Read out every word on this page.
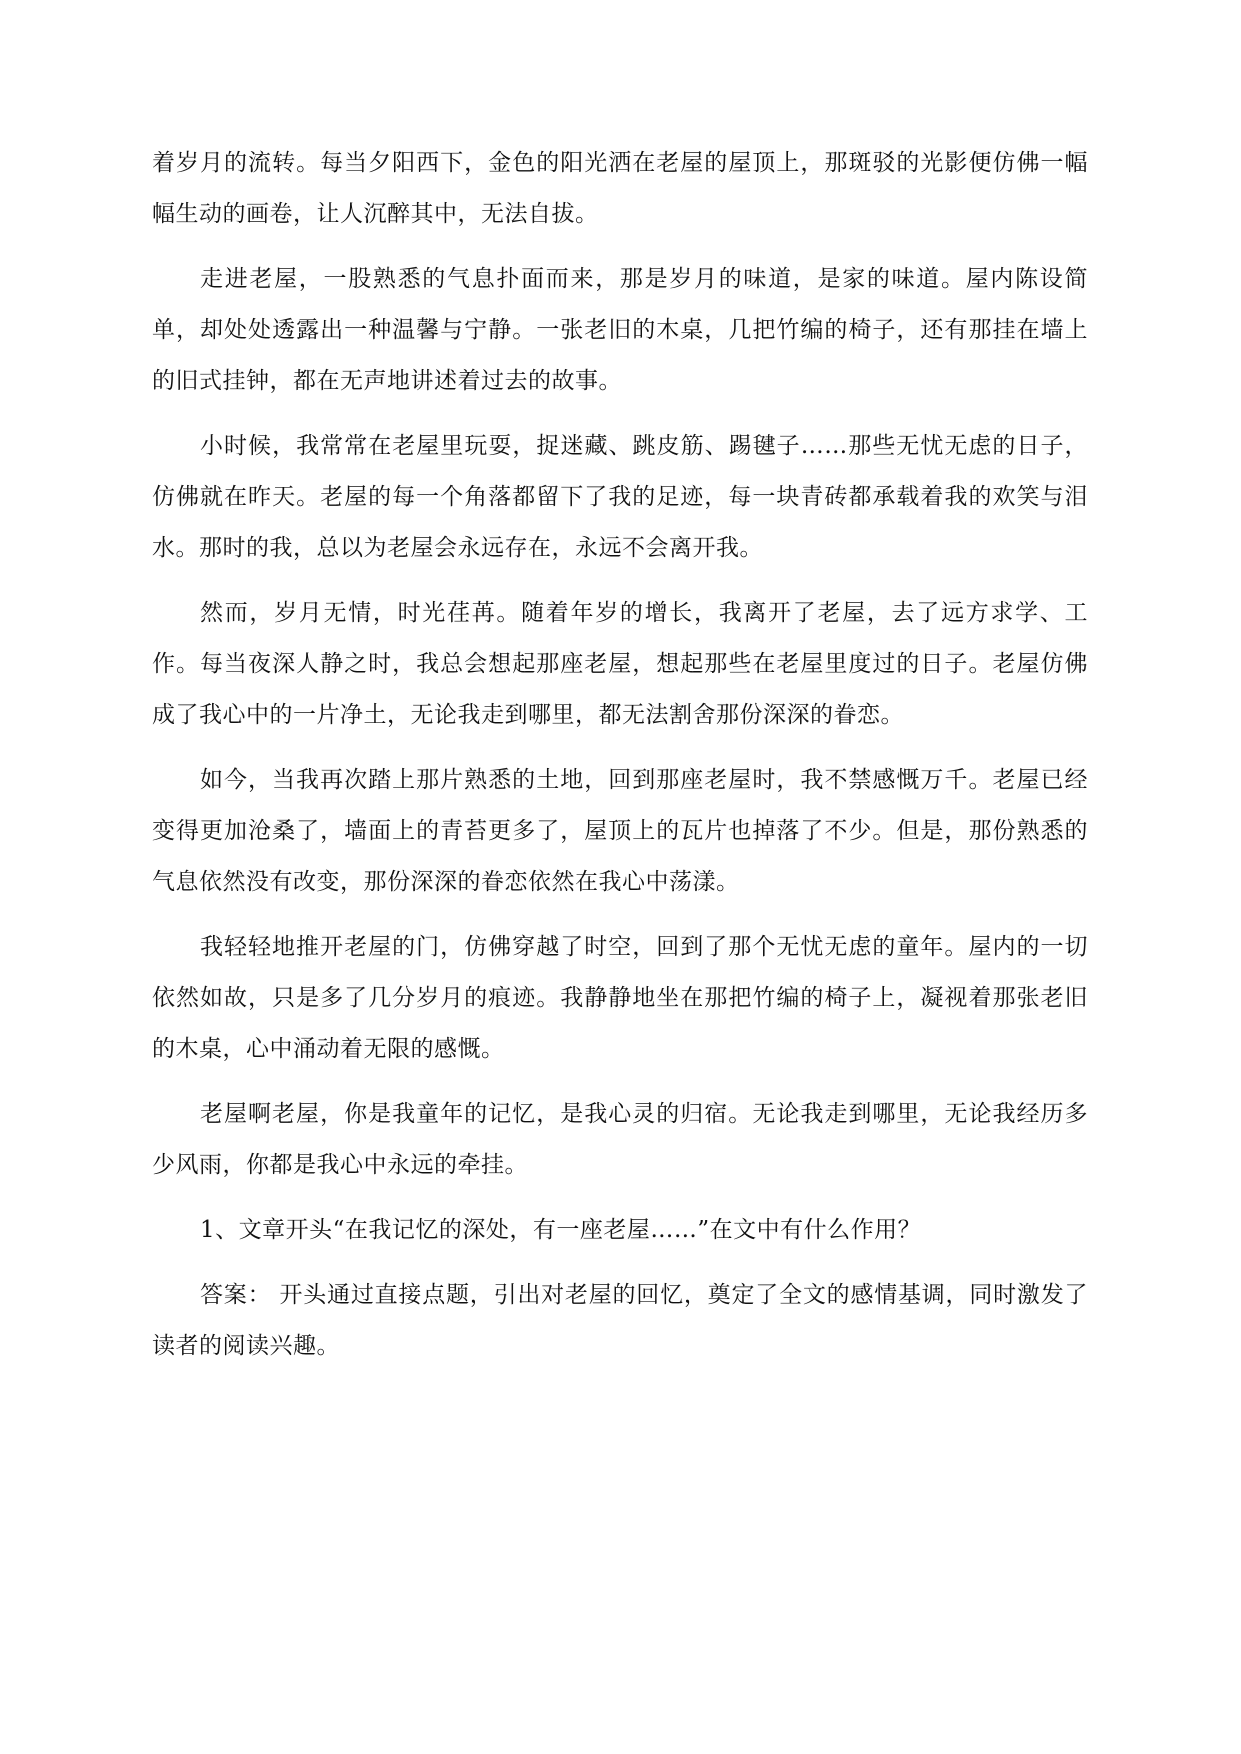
着岁月的流转。每当夕阳西下，金色的阳光洒在老屋的屋顶上，那斑驳的光影便仿佛一幅幅生动的画卷，让人沉醉其中，无法自拔。

走进老屋，一股熟悉的气息扑面而来，那是岁月的味道，是家的味道。屋内陈设简单，却处处透露出一种温馨与宁静。一张老旧的木桌，几把竹编的椅子，还有那挂在墙上的旧式挂钟，都在无声地讲述着过去的故事。

小时候，我常常在老屋里玩耍，捉迷藏、跳皮筋、踢毽子……那些无忧无虑的日子，仿佛就在昨天。老屋的每一个角落都留下了我的足迹，每一块青砖都承载着我的欢笑与泪水。那时的我，总以为老屋会永远存在，永远不会离开我。

然而，岁月无情，时光荏苒。随着年岁的增长，我离开了老屋，去了远方求学、工作。每当夜深人静之时，我总会想起那座老屋，想起那些在老屋里度过的日子。老屋仿佛成了我心中的一片净土，无论我走到哪里，都无法割舍那份深深的眷恋。

如今，当我再次踏上那片熟悉的土地，回到那座老屋时，我不禁感慨万千。老屋已经变得更加沧桑了，墙面上的青苔更多了，屋顶上的瓦片也掉落了不少。但是，那份熟悉的气息依然没有改变，那份深深的眷恋依然在我心中荡漾。

我轻轻地推开老屋的门，仿佛穿越了时空，回到了那个无忧无虑的童年。屋内的一切依然如故，只是多了几分岁月的痕迹。我静静地坐在那把竹编的椅子上，凝视着那张老旧的木桌，心中涌动着无限的感慨。

老屋啊老屋，你是我童年的记忆，是我心灵的归宿。无论我走到哪里，无论我经历多少风雨，你都是我心中永远的牵挂。

1、文章开头“在我记忆的深处，有一座老屋……”在文中有什么作用？

答案： 开头通过直接点题，引出对老屋的回忆，奠定了全文的感情基调，同时激发了读者的阅读兴趣。
